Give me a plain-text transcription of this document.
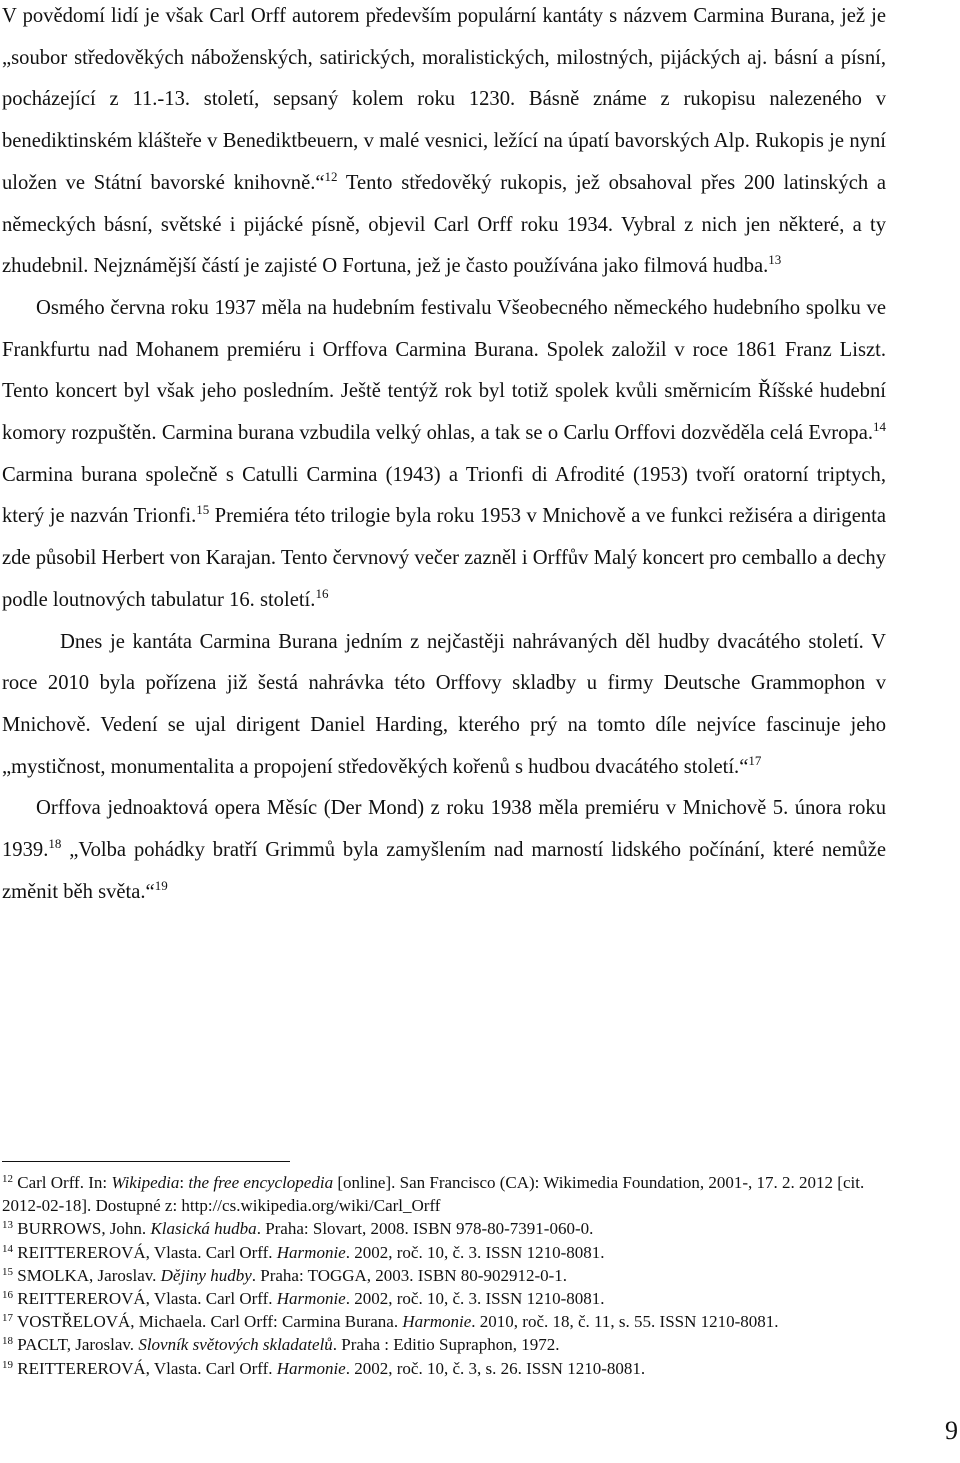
V povědomí lidí je však Carl Orff autorem především populární kantáty s názvem Carmina Burana, jež je „soubor středověkých náboženských, satirických, moralistických, milostných, pijáckých aj. básní a písní, pocházející z 11.-13. století, sepsaný kolem roku 1230. Básně známe z rukopisu nalezeného v benediktinském klášteře v Benediktbeuern, v malé vesnici, ležící na úpatí bavorských Alp. Rukopis je nyní uložen ve Státní bavorské knihovně.“$^{12}$ Tento středověký rukopis, jež obsahoval přes 200 latinských a německých básní, světské i pijácké písně, objevil Carl Orff roku 1934. Vybral z nich jen některé, a ty zhudebnil. Nejznámější částí je zajisté O Fortuna, jež je často používána jako filmová hudba.$^{13}$

Osmého června roku 1937 měla na hudebním festivalu Všeobecného německého hudebního spolku ve Frankfurtu nad Mohanem premiéru i Orffova Carmina Burana. Spolek založil v roce 1861 Franz Liszt. Tento koncert byl však jeho posledním. Ještě tentýž rok byl totiž spolek kvůli směrnicím Říšské hudební komory rozpuštěn. Carmina burana vzbudila velký ohlas, a tak se o Carlu Orffovi dozvěděla celá Evropa.$^{14}$ Carmina burana společně s Catulli Carmina (1943) a Trionfi di Afrodité (1953) tvoří oratorní triptych, který je nazván Trionfi.$^{15}$ Premiéra této trilogie byla roku 1953 v Mnichově a ve funkci režiséra a dirigenta zde působil Herbert von Karajan. Tento červnový večer zazněl i Orffův Malý koncert pro cemballo a dechy podle loutnových tabulatur 16. století.$^{16}$

Dnes je kantáta Carmina Burana jedním z nejčastěji nahrávaných děl hudby dvacátého století. V roce 2010 byla pořízena již šestá nahrávka této Orffovy skladby u firmy Deutsche Grammophon v Mnichově. Vedení se ujal dirigent Daniel Harding, kterého prý na tomto díle nejvíce fascinuje jeho „mystičnost, monumentalita a propojení středověkých kořenů s hudbou dvacátého století.“$^{17}$

Orffova jednoaktová opera Měsíc (Der Mond) z roku 1938 měla premiéru v Mnichově 5. února roku 1939.18 „Volba pohádky bratří Grimmů byla zamyšlením nad marností lidského počínání, které nemůže změnit běh světa.“$^{19}$

$^{12}$ Carl Orff. In: Wikipedia: the free encyclopedia [online]. San Francisco (CA): Wikimedia Foundation, 2001-, 17. 2. 2012 [cit. 2012-02-18]. Dostupné z: http://cs.wikipedia.org/wiki/Carl_Orff

$^{13}$ BURROWS, John. Klasická hudba. Praha: Slovart, 2008. ISBN 978-80-7391-060-0.

$^{14}$ REITTEREROVÁ, Vlasta. Carl Orff. Harmonie. 2002, roč. 10, č. 3. ISSN 1210-8081.

$^{15}$ SMOLKA, Jaroslav. Dějiny hudby. Praha: TOGGA, 2003. ISBN 80-902912-0-1.

$^{16}$ REITTEREROVÁ, Vlasta. Carl Orff. Harmonie. 2002, roč. 10, č. 3. ISSN 1210-8081.

$^{17}$ VOSTŘELOVÁ, Michaela. Carl Orff: Carmina Burana. Harmonie. 2010, roč. 18, č. 11, s. 55. ISSN 1210-8081.

$^{18}$ PACLT, Jaroslav. Slovník světových skladatelů. Praha : Editio Supraphon, 1972.

$^{19}$ REITTEREROVÁ, Vlasta. Carl Orff. Harmonie. 2002, roč. 10, č. 3, s. 26. ISSN 1210-8081.

9
